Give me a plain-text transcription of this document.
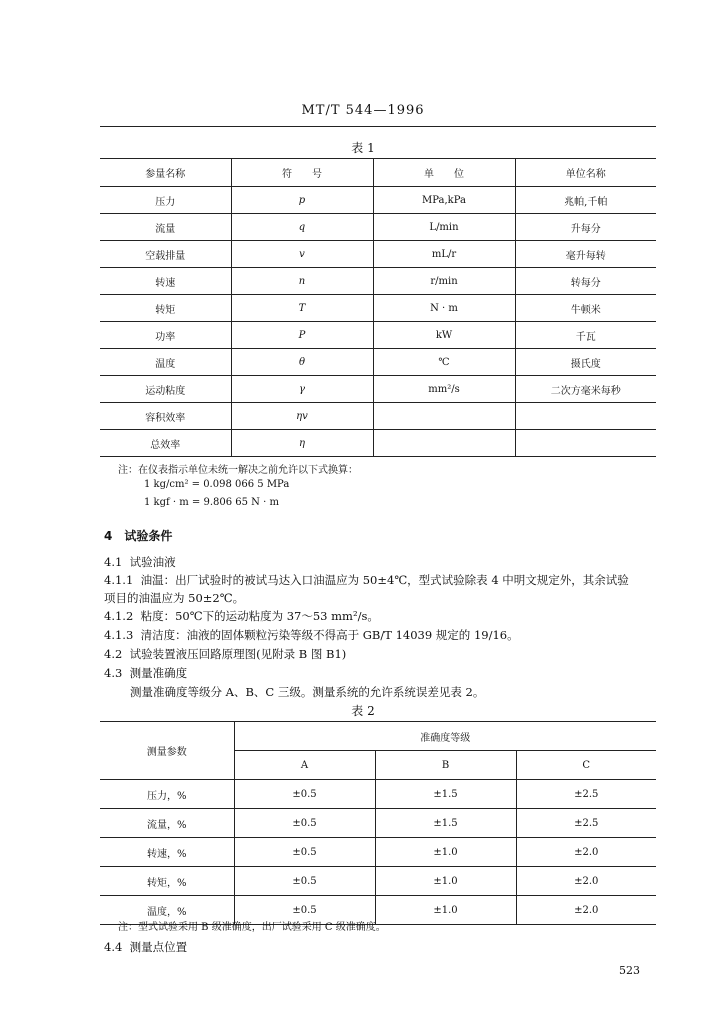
MT/T 544—1996
表 1
参量名称	符　　号	单　　位	单位名称
压力	p	MPa,kPa	兆帕,千帕
流量	q	L/min	升每分
空载排量	v	mL/r	毫升每转
转速	n	r/min	转每分
转矩	T	N · m	牛顿米
功率	P	kW	千瓦
温度	θ	℃	摄氏度
运动粘度	γ	mm²/s	二次方毫米每秒
容积效率	ηv		
总效率	η		
注：在仪表指示单位未统一解决之前允许以下式换算：
1 kg/cm² = 0.098 066 5 MPa
1 kgf · m = 9.806 65 N · m
4　试验条件
4.1 试验油液
4.1.1 油温：出厂试验时的被试马达入口油温应为 50±4℃，型式试验除表 4 中明文规定外，其余试验
项目的油温应为 50±2℃。
4.1.2 粘度：50℃下的运动粘度为 37～53 mm²/s。
4.1.3 清洁度：油液的固体颗粒污染等级不得高于 GB/T 14039 规定的 19/16。
4.2 试验装置液压回路原理图(见附录 B 图 B1)
4.3 测量准确度
测量准确度等级分 A、B、C 三级。测量系统的允许系统误差见表 2。
表 2
测量参数	准确度等级		
	A	B	C
压力，%	±0.5	±1.5	±2.5
流量，%	±0.5	±1.5	±2.5
转速，%	±0.5	±1.0	±2.0
转矩，%	±0.5	±1.0	±2.0
温度，%	±0.5	±1.0	±2.0
注：型式试验采用 B 级准确度，出厂试验采用 C 级准确度。
4.4 测量点位置
523
